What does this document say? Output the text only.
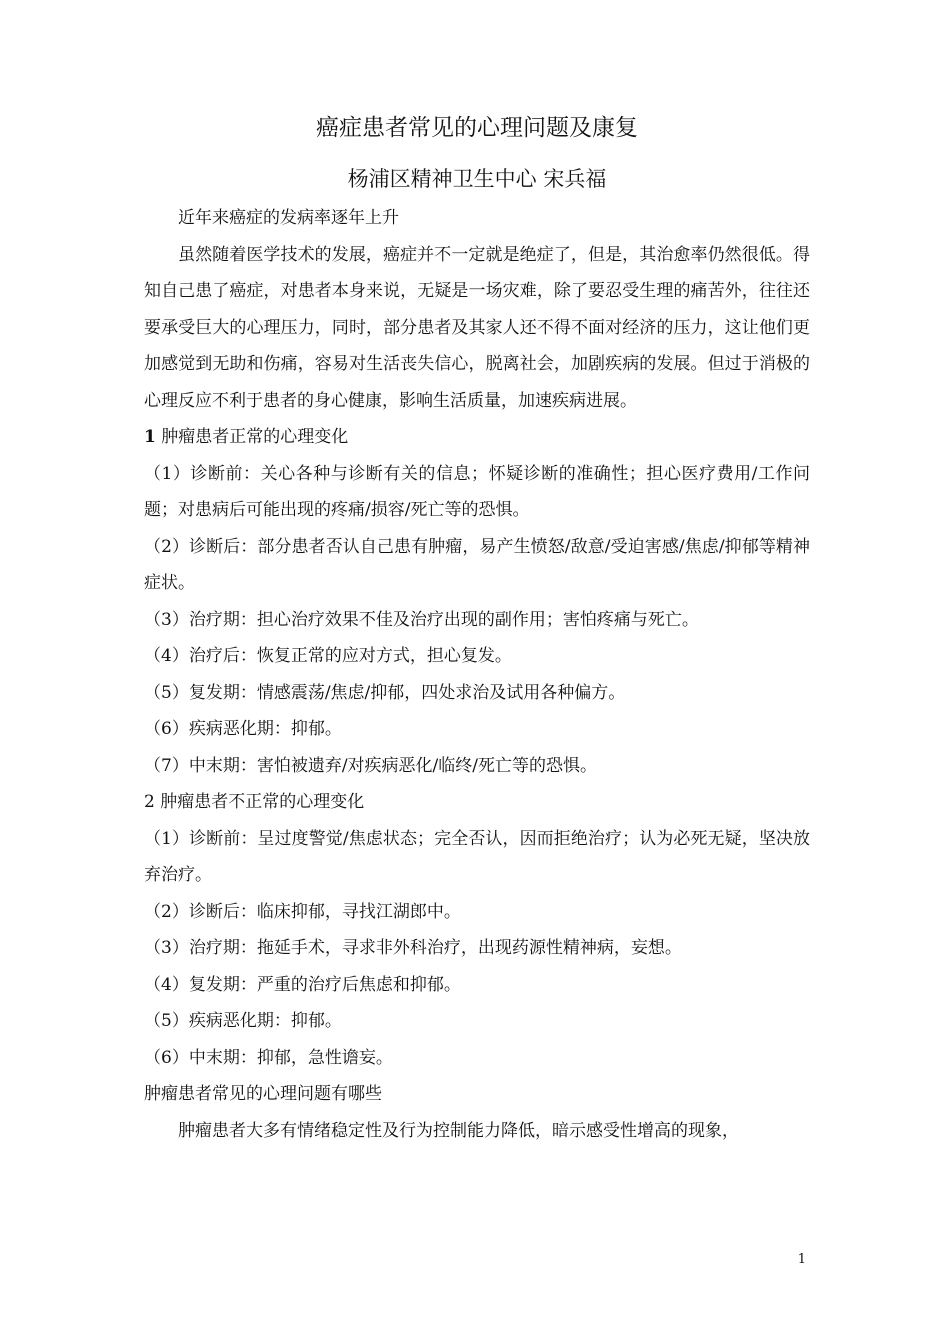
癌症患者常见的心理问题及康复
杨浦区精神卫生中心 宋兵福

近年来癌症的发病率逐年上升

虽然随着医学技术的发展，癌症并不一定就是绝症了，但是，其治愈率仍然很低。得知自己患了癌症，对患者本身来说，无疑是一场灾难，除了要忍受生理的痛苦外，往往还要承受巨大的心理压力，同时，部分患者及其家人还不得不面对经济的压力，这让他们更加感觉到无助和伤痛，容易对生活丧失信心，脱离社会，加剧疾病的发展。但过于消极的心理反应不利于患者的身心健康，影响生活质量，加速疾病进展。

1 肿瘤患者正常的心理变化

（1）诊断前：关心各种与诊断有关的信息；怀疑诊断的准确性；担心医疗费用/工作问题；对患病后可能出现的疼痛/损容/死亡等的恐惧。

（2）诊断后：部分患者否认自己患有肿瘤，易产生愤怒/敌意/受迫害感/焦虑/抑郁等精神症状。

（3）治疗期：担心治疗效果不佳及治疗出现的副作用；害怕疼痛与死亡。

（4）治疗后：恢复正常的应对方式，担心复发。

（5）复发期：情感震荡/焦虑/抑郁，四处求治及试用各种偏方。

（6）疾病恶化期：抑郁。

（7）中末期：害怕被遗弃/对疾病恶化/临终/死亡等的恐惧。

2 肿瘤患者不正常的心理变化

（1）诊断前：呈过度警觉/焦虑状态；完全否认，因而拒绝治疗；认为必死无疑，坚决放弃治疗。

（2）诊断后：临床抑郁，寻找江湖郎中。

（3）治疗期：拖延手术，寻求非外科治疗，出现药源性精神病，妄想。

（4）复发期：严重的治疗后焦虑和抑郁。

（5）疾病恶化期：抑郁。

（6）中末期：抑郁，急性谵妄。

肿瘤患者常见的心理问题有哪些

肿瘤患者大多有情绪稳定性及行为控制能力降低，暗示感受性增高的现象，

1
